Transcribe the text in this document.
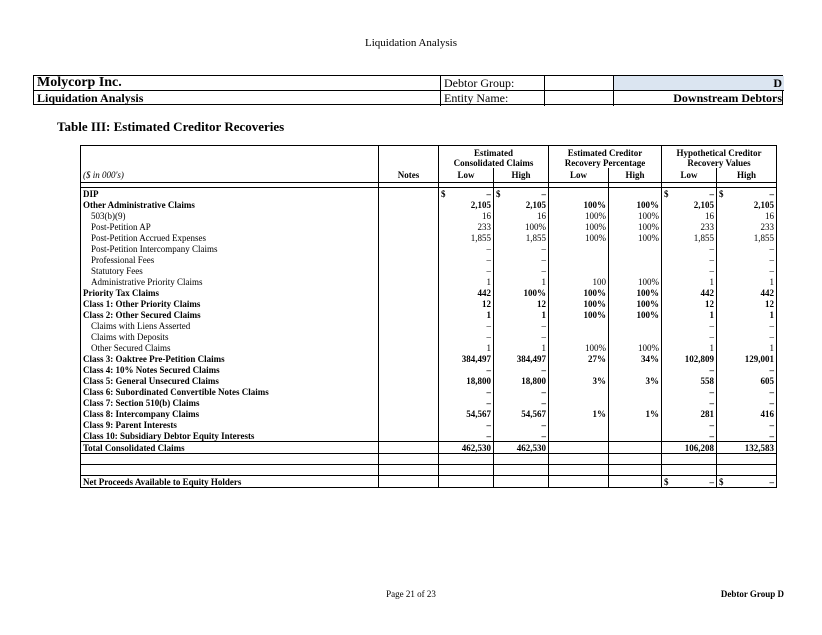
Liquidation Analysis
Molycorp Inc.	Debtor Group:	D
Liquidation Analysis	Entity Name:	Downstream Debtors
Table III: Estimated Creditor Recoveries
		Estimated Consolidated Claims		Estimated Creditor Recovery Percentage		Hypothetical Creditor Recovery Values	
($ in 000's)	Notes	Low	High	Low	High	Low	High

DIP		$ –	$ –			$ –	$ –

Other Administrative Claims		2,105	2,105	100%	100%	2,105	2,105
503(b)(9)		16	16	100%	100%	16	16
Post-Petition AP		233	100%	100%	100%	233	233
Post-Petition Accrued Expenses		1,855	1,855	100%	100%	1,855	1,855
Post-Petition Intercompany Claims		–	–			–	–
Professional Fees		–	–			–	–
Statutory Fees		–	–			–	–
Administrative Priority Claims		1	1	100	100%	1	1
Priority Tax Claims		442	100%	100%	100%	442	442
Class 1: Other Priority Claims		12	12	100%	100%	12	12
Class 2: Other Secured Claims		1	1	100%	100%	1	1
Claims with Liens Asserted		–	–			–	–
Claims with Deposits		–	–			–	–
Other Secured Claims		1	1	100%	100%	1	1
Class 3: Oaktree Pre-Petition Claims		384,497	384,497	27%	34%	102,809	129,001
Class 4: 10% Notes Secured Claims		–	–			–	–
Class 5: General Unsecured Claims		18,800	18,800	3%	3%	558	605
Class 6: Subordinated Convertible Notes Claims		–	–			–	–
Class 7: Section 510(b) Claims		–	–			–	–
Class 8: Intercompany Claims		54,567	54,567	1%	1%	281	416
Class 9: Parent Interests		–	–			–	–
Class 10: Subsidiary Debtor Equity Interests		–	–			–	–
Total Consolidated Claims		462,530	462,530			106,208	132,583

Net Proceeds Available to Equity Holders						$ –	$ –
Page 21 of 23	Debtor Group D
